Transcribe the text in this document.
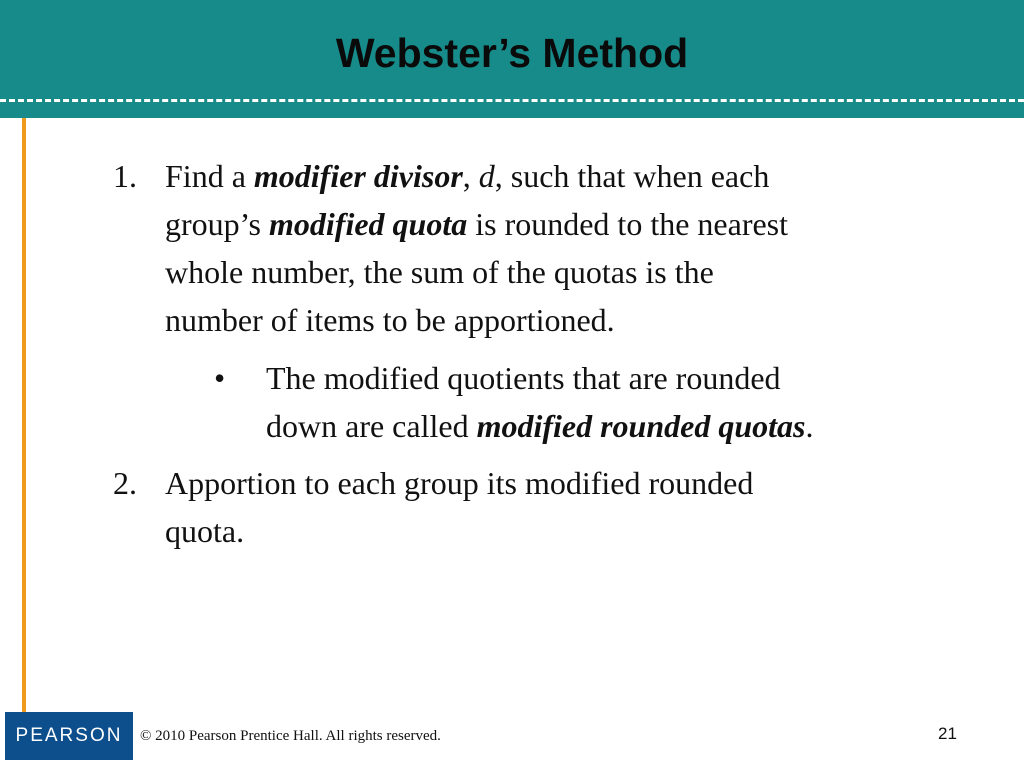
Webster’s Method
1. Find a modifier divisor, d, such that when each
group’s modified quota is rounded to the nearest
whole number, the sum of the quotas is the
number of items to be apportioned.
• The modified quotients that are rounded
down are called modified rounded quotas.
2. Apportion to each group its modified rounded
quota.
PEARSON	© 2010 Pearson Prentice Hall. All rights reserved.	21
